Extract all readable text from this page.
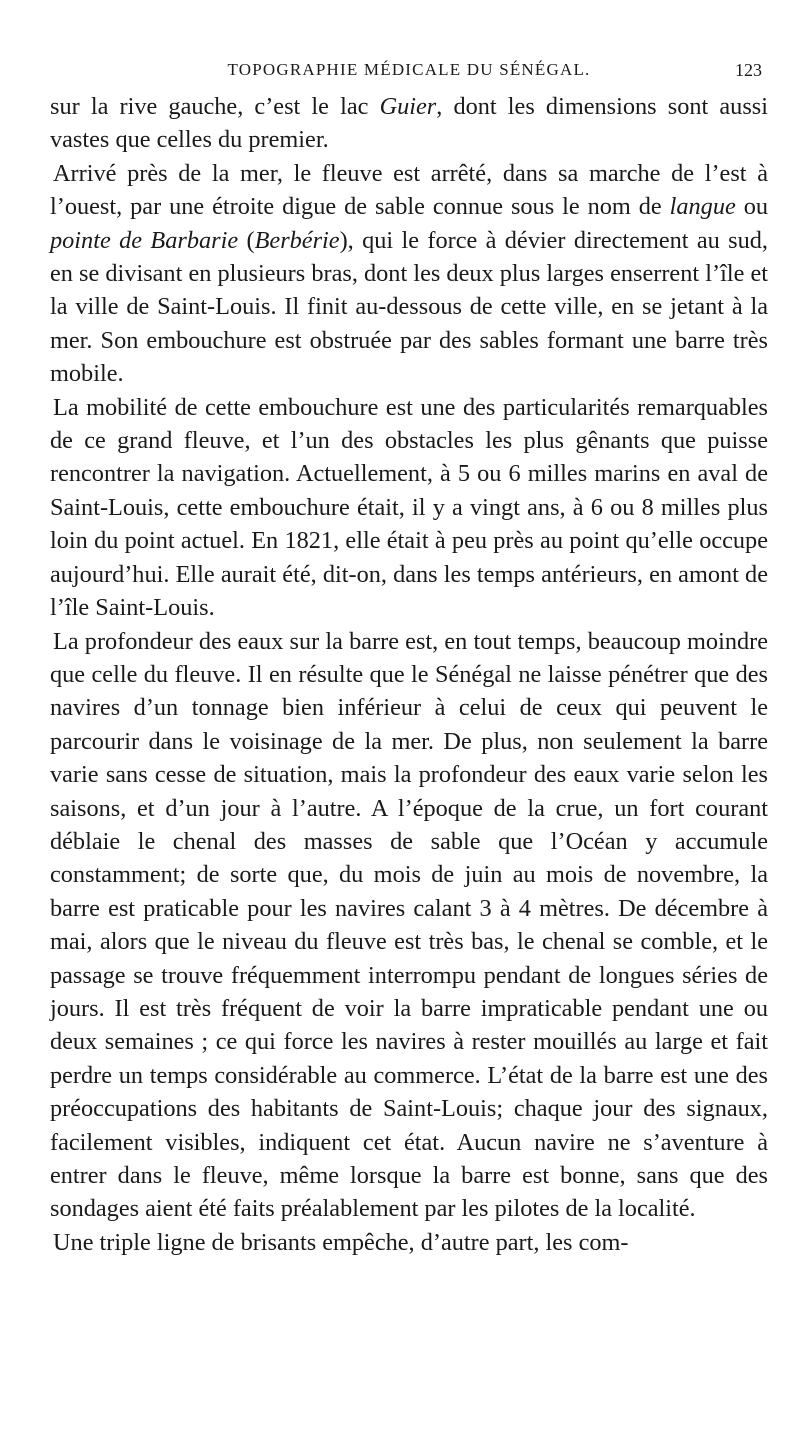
TOPOGRAPHIE MÉDICALE DU SÉNÉGAL.	123

sur la rive gauche, c’est le lac Guier, dont les dimensions sont aussi vastes que celles du premier.

Arrivé près de la mer, le fleuve est arrêté, dans sa marche de l’est à l’ouest, par une étroite digue de sable connue sous le nom de langue ou pointe de Barbarie (Berbérie), qui le force à dévier directement au sud, en se divisant en plusieurs bras, dont les deux plus larges enserrent l’île et la ville de Saint-Louis. Il finit au-dessous de cette ville, en se jetant à la mer. Son embouchure est obstruée par des sables formant une barre très mobile.

La mobilité de cette embouchure est une des particularités remarquables de ce grand fleuve, et l’un des obstacles les plus gênants que puisse rencontrer la navigation. Actuellement, à 5 ou 6 milles marins en aval de Saint-Louis, cette embouchure était, il y a vingt ans, à 6 ou 8 milles plus loin du point actuel. En 1821, elle était à peu près au point qu’elle occupe aujourd’hui. Elle aurait été, dit-on, dans les temps antérieurs, en amont de l’île Saint-Louis.

La profondeur des eaux sur la barre est, en tout temps, beaucoup moindre que celle du fleuve. Il en résulte que le Sénégal ne laisse pénétrer que des navires d’un tonnage bien inférieur à celui de ceux qui peuvent le parcourir dans le voisinage de la mer. De plus, non seulement la barre varie sans cesse de situation, mais la profondeur des eaux varie selon les saisons, et d’un jour à l’autre. A l’époque de la crue, un fort courant déblaie le chenal des masses de sable que l’Océan y accumule constamment; de sorte que, du mois de juin au mois de novembre, la barre est praticable pour les navires calant 3 à 4 mètres. De décembre à mai, alors que le niveau du fleuve est très bas, le chenal se comble, et le passage se trouve fréquemment interrompu pendant de longues séries de jours. Il est très fréquent de voir la barre impraticable pendant une ou deux semaines ; ce qui force les navires à rester mouillés au large et fait perdre un temps considérable au commerce. L’état de la barre est une des préoccupations des habitants de Saint-Louis; chaque jour des signaux, facilement visibles, indiquent cet état. Aucun navire ne s’aventure à entrer dans le fleuve, même lorsque la barre est bonne, sans que des sondages aient été faits préalablement par les pilotes de la localité.

Une triple ligne de brisants empêche, d’autre part, les com-
